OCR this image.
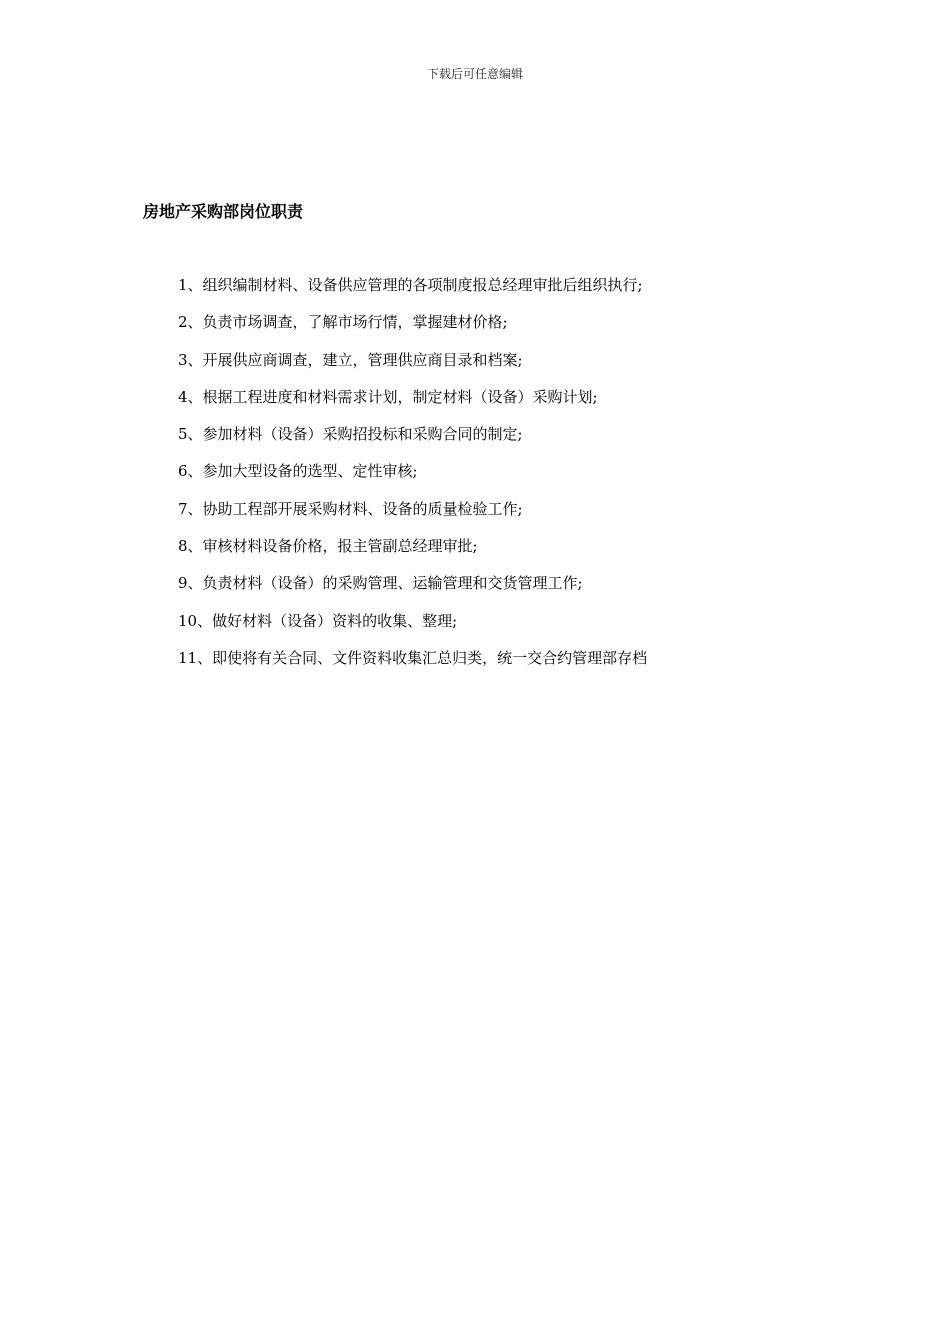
下载后可任意编辑
房地产采购部岗位职责
1、组织编制材料、设备供应管理的各项制度报总经理审批后组织执行;
2、负责市场调查，了解市场行情，掌握建材价格;
3、开展供应商调查，建立，管理供应商目录和档案;
4、根据工程进度和材料需求计划，制定材料（设备）采购计划;
5、参加材料（设备）采购招投标和采购合同的制定;
6、参加大型设备的选型、定性审核;
7、协助工程部开展采购材料、设备的质量检验工作;
8、审核材料设备价格，报主管副总经理审批;
9、负责材料（设备）的采购管理、运输管理和交货管理工作;
10、做好材料（设备）资料的收集、整理;
11、即使将有关合同、文件资料收集汇总归类，统一交合约管理部存档
